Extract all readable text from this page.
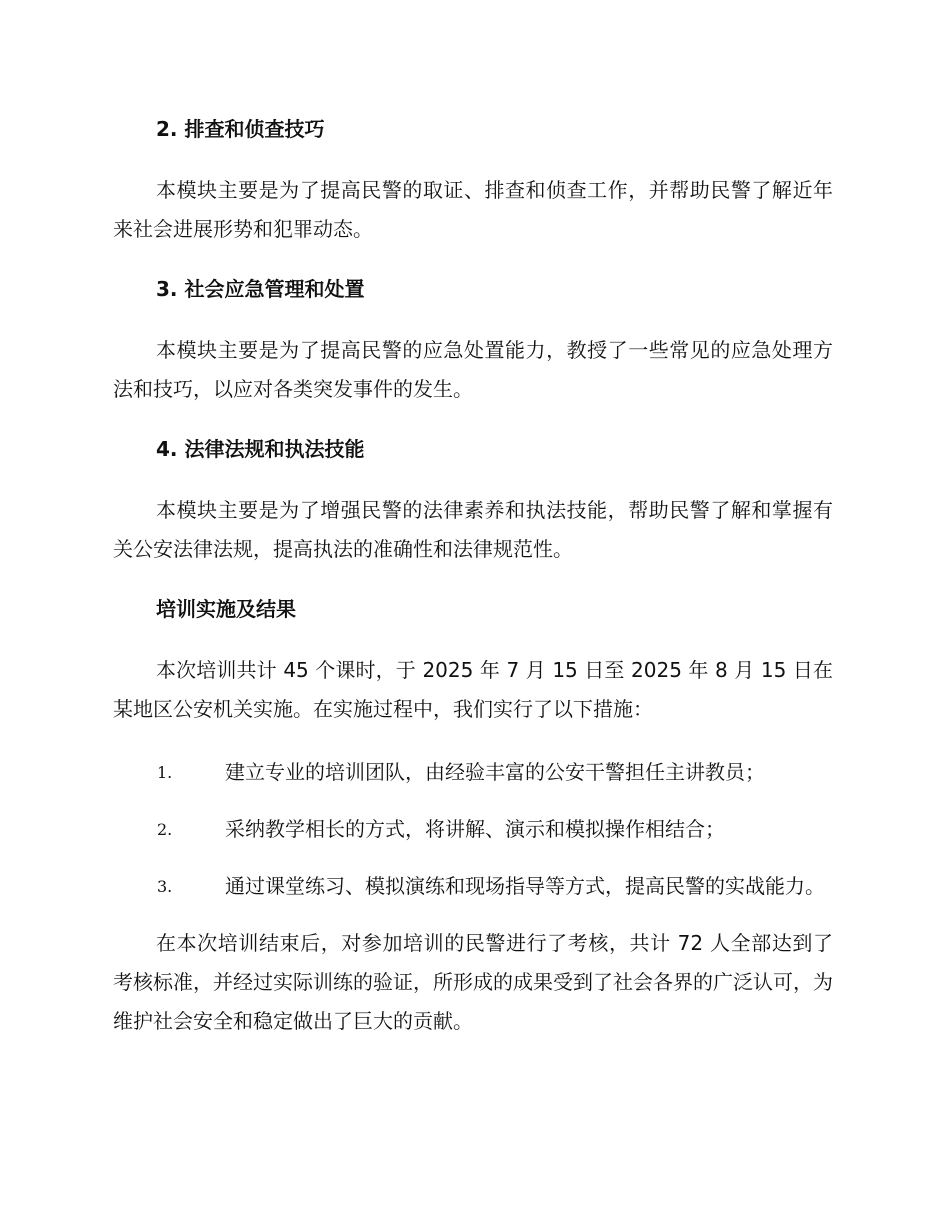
2. 排查和侦查技巧

本模块主要是为了提高民警的取证、排查和侦查工作，并帮助民警了解近年来社会进展形势和犯罪动态。

3. 社会应急管理和处置

本模块主要是为了提高民警的应急处置能力，教授了一些常见的应急处理方法和技巧，以应对各类突发事件的发生。

4. 法律法规和执法技能

本模块主要是为了增强民警的法律素养和执法技能，帮助民警了解和掌握有关公安法律法规，提高执法的准确性和法律规范性。

培训实施及结果

本次培训共计 45 个课时，于 2025 年 7 月 15 日至 2025 年 8 月 15 日在某地区公安机关实施。在实施过程中，我们实行了以下措施：

1.	建立专业的培训团队，由经验丰富的公安干警担任主讲教员；
2.	采纳教学相长的方式，将讲解、演示和模拟操作相结合；
3.	通过课堂练习、模拟演练和现场指导等方式，提高民警的实战能力。

在本次培训结束后，对参加培训的民警进行了考核，共计 72 人全部达到了考核标准，并经过实际训练的验证，所形成的成果受到了社会各界的广泛认可，为维护社会安全和稳定做出了巨大的贡献。
